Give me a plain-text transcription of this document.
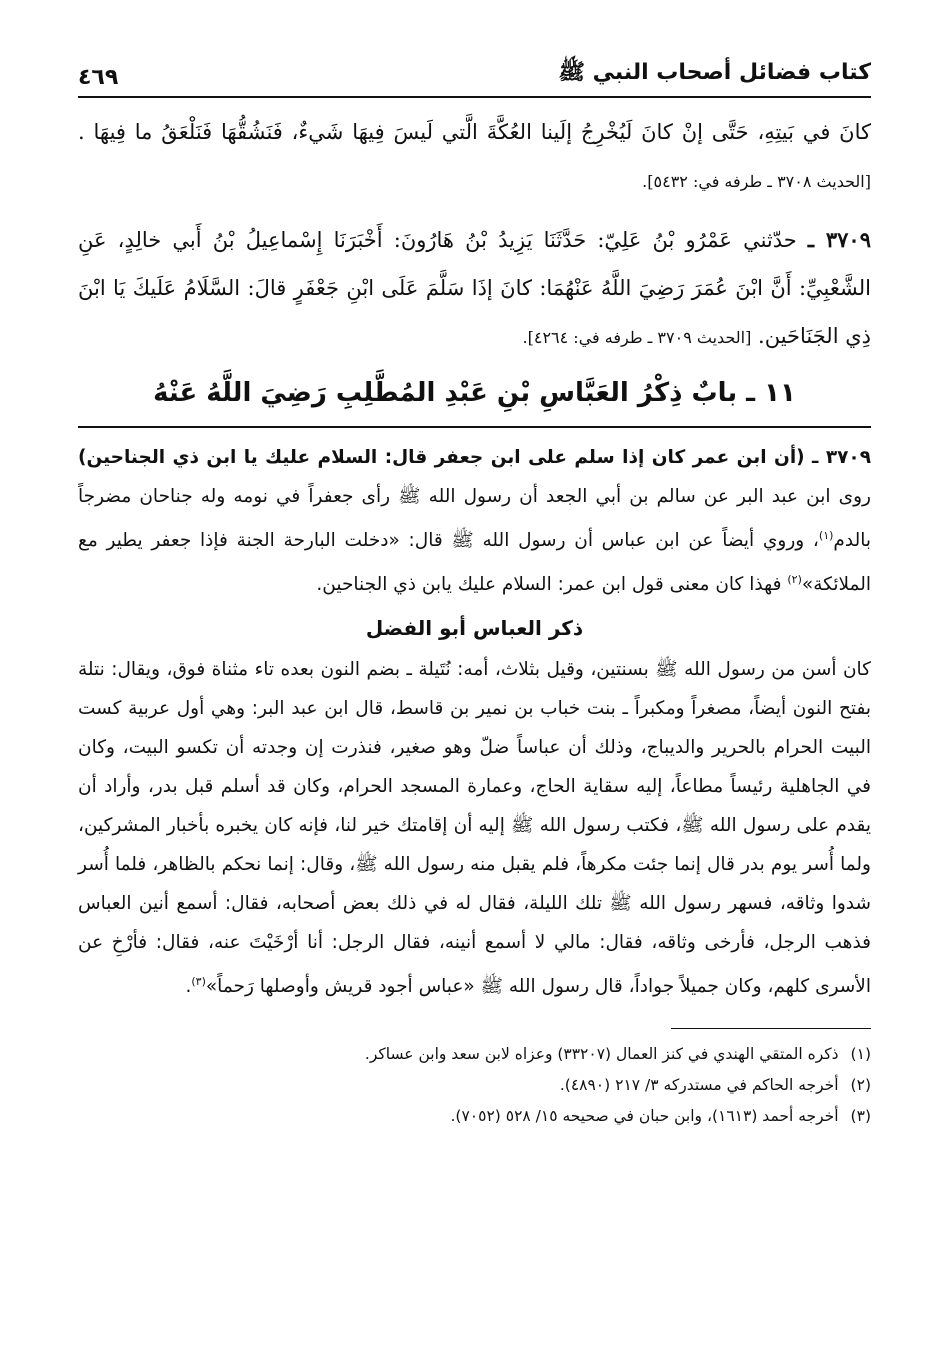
كتاب فضائل أصحاب النبي ﷺ
٤٦٩
كانَ في بَيتِهِ، حَتَّى إنْ كانَ لَيُخْرِجُ إلَينا العُكَّةَ الَّتي لَيسَ فِيهَا شَيءٌ، فَنَشُقُّهَا فَنَلْعَقُ ما فِيهَا . [الحديث ٣٧٠٨ ـ طرفه في: ٥٤٣٢].
٣٧٠٩ ـ حدّثني عَمْرُو بْنُ عَلِيّ: حَدَّثَنَا يَزِيدُ بْنُ هَارُونَ: أَخْبَرَنَا إِسْماعِيلُ بْنُ أَبي خالِدٍ، عَنِ الشَّعْبِيِّ: أَنَّ ابْنَ عُمَرَ رَضِيَ اللَّهُ عَنْهُمَا: كانَ إذَا سَلَّمَ عَلَى ابْنِ جَعْفَرٍ قالَ: السَّلَامُ عَلَيكَ يَا ابْنَ ذِي الجَنَاحَين. [الحديث ٣٧٠٩ ـ طرفه في: ٤٢٦٤].
١١ ـ بابٌ ذِكْرُ العَبَّاسِ بْنِ عَبْدِ المُطَّلِبِ رَضِيَ اللَّهُ عَنْهُ
٣٧٠٩ ـ (أن ابن عمر كان إذا سلم على ابن جعفر قال: السلام عليك يا ابن ذي الجناحين) روى ابن عبد البر عن سالم بن أبي الجعد أن رسول الله ﷺ رأى جعفراً في نومه وله جناحان مضرجاً بالدم$^{(١)}$، وروي أيضاً عن ابن عباس أن رسول الله ﷺ قال: «دخلت البارحة الجنة فإذا جعفر يطير مع الملائكة»$^{(٢)}$ فهذا كان معنى قول ابن عمر: السلام عليك يابن ذي الجناحين.
ذكر العباس أبو الفضل
كان أسن من رسول الله ﷺ بسنتين، وقيل بثلاث، أمه: نُتَيلة ـ بضم النون بعده تاء مثناة فوق، ويقال: نتلة بفتح النون أيضاً، مصغراً ومكبراً ـ بنت خباب بن نمير بن قاسط، قال ابن عبد البر: وهي أول عربية كست البيت الحرام بالحرير والديباج، وذلك أن عباساً ضلّ وهو صغير، فنذرت إن وجدته أن تكسو البيت، وكان في الجاهلية رئيساً مطاعاً، إليه سقاية الحاج، وعمارة المسجد الحرام، وكان قد أسلم قبل بدر، وأراد أن يقدم على رسول الله ﷺ، فكتب رسول الله ﷺ إليه أن إقامتك خير لنا، فإنه كان يخبره بأخبار المشركين، ولما أُسر يوم بدر قال إنما جئت مكرهاً، فلم يقبل منه رسول الله ﷺ، وقال: إنما نحكم بالظاهر، فلما أُسر شدوا وثاقه، فسهر رسول الله ﷺ تلك الليلة، فقال له في ذلك بعض أصحابه، فقال: أسمع أنين العباس فذهب الرجل، فأرخى وثاقه، فقال: مالي لا أسمع أنينه، فقال الرجل: أنا أرْخَيْتَ عنه، فقال: فأرْخِ عن الأسرى كلهم، وكان جميلاً جواداً، قال رسول الله ﷺ «عباس أجود قريش وأوصلها رَحماً»$^{(٣)}$.
(١)
ذكره المتقي الهندي في كنز العمال (٣٣٢٠٧) وعزاه لابن سعد وابن عساكر.
(٢)
أخرجه الحاكم في مستدركه ٣/ ٢١٧ (٤٨٩٠).
(٣)
أخرجه أحمد (١٦١٣)، وابن حبان في صحيحه ١٥/ ٥٢٨ (٧٠٥٢).
